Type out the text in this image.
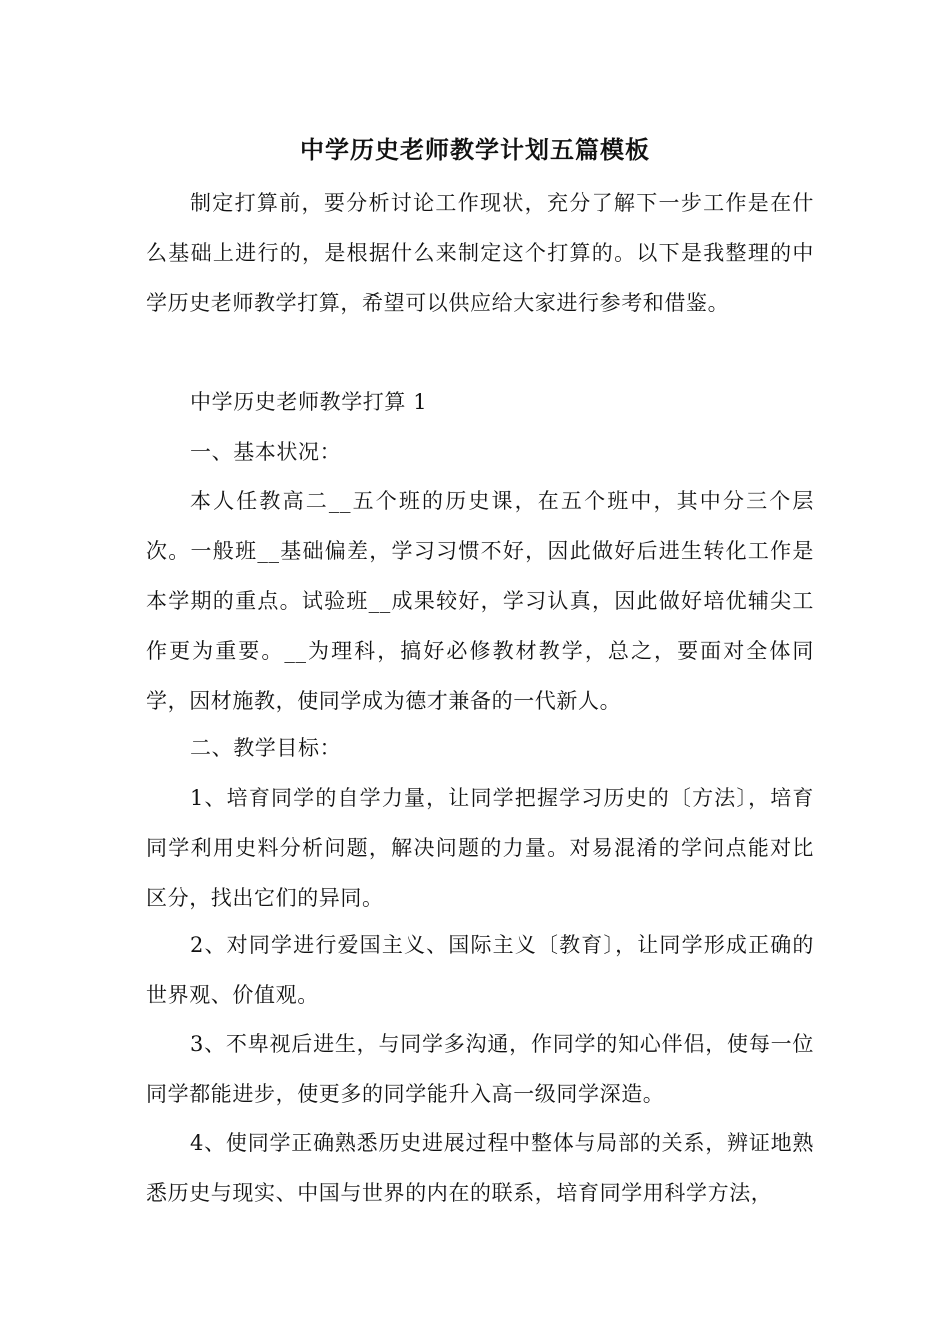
中学历史老师教学计划五篇模板

制定打算前，要分析讨论工作现状，充分了解下一步工作是在什么基础上进行的，是根据什么来制定这个打算的。以下是我整理的中学历史老师教学打算，希望可以供应给大家进行参考和借鉴。

中学历史老师教学打算 1

一、基本状况：

本人任教高二__五个班的历史课，在五个班中，其中分三个层次。一般班__基础偏差，学习习惯不好，因此做好后进生转化工作是本学期的重点。试验班__成果较好，学习认真，因此做好培优辅尖工作更为重要。__为理科，搞好必修教材教学，总之，要面对全体同学，因材施教，使同学成为德才兼备的一代新人。

二、教学目标：

1、培育同学的自学力量，让同学把握学习历史的〔方法〕，培育同学利用史料分析问题，解决问题的力量。对易混淆的学问点能对比区分，找出它们的异同。

2、对同学进行爱国主义、国际主义〔教育〕，让同学形成正确的世界观、价值观。

3、不卑视后进生，与同学多沟通，作同学的知心伴侣，使每一位同学都能进步，使更多的同学能升入高一级同学深造。

4、使同学正确熟悉历史进展过程中整体与局部的关系，辨证地熟悉历史与现实、中国与世界的内在的联系，培育同学用科学方法，
